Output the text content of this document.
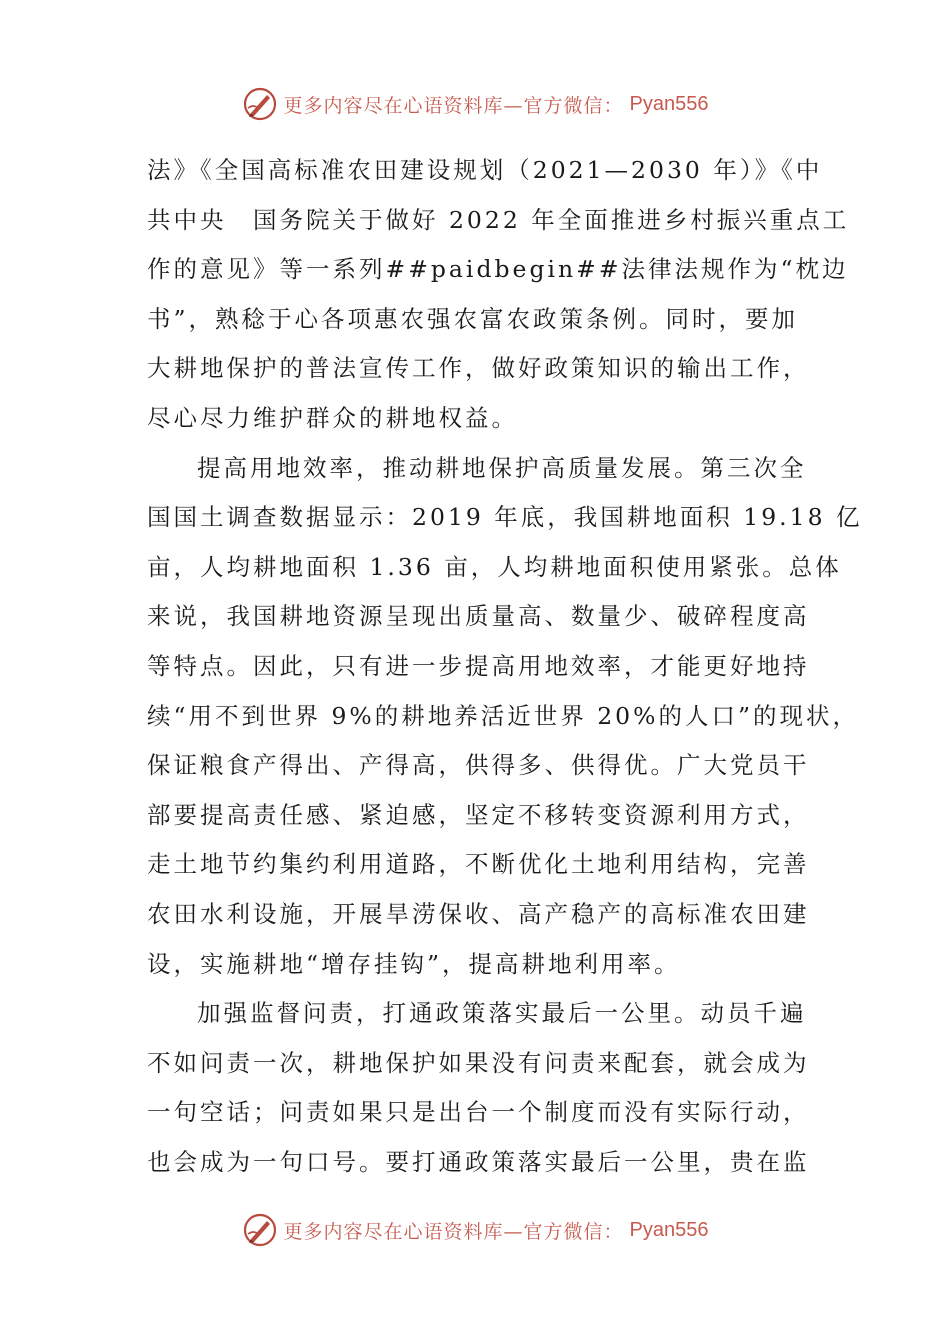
更多内容尽在心语资料库—官方微信： Pyan556
法》《全国高标准农田建设规划（2021—2030 年）》《中
共中央　国务院关于做好 2022 年全面推进乡村振兴重点工
作的意见》等一系列##paidbegin##法律法规作为“枕边
书”，熟稔于心各项惠农强农富农政策条例。同时，要加
大耕地保护的普法宣传工作，做好政策知识的输出工作，
尽心尽力维护群众的耕地权益。
提高用地效率，推动耕地保护高质量发展。第三次全
国国土调查数据显示：2019 年底，我国耕地面积 19.18 亿
亩，人均耕地面积 1.36 亩，人均耕地面积使用紧张。总体
来说，我国耕地资源呈现出质量高、数量少、破碎程度高
等特点。因此，只有进一步提高用地效率，才能更好地持
续“用不到世界 9%的耕地养活近世界 20%的人口”的现状，
保证粮食产得出、产得高，供得多、供得优。广大党员干
部要提高责任感、紧迫感，坚定不移转变资源利用方式，
走土地节约集约利用道路，不断优化土地利用结构，完善
农田水利设施，开展旱涝保收、高产稳产的高标准农田建
设，实施耕地“增存挂钩”，提高耕地利用率。
加强监督问责，打通政策落实最后一公里。动员千遍
不如问责一次，耕地保护如果没有问责来配套，就会成为
一句空话；问责如果只是出台一个制度而没有实际行动，
也会成为一句口号。要打通政策落实最后一公里，贵在监
更多内容尽在心语资料库—官方微信： Pyan556
